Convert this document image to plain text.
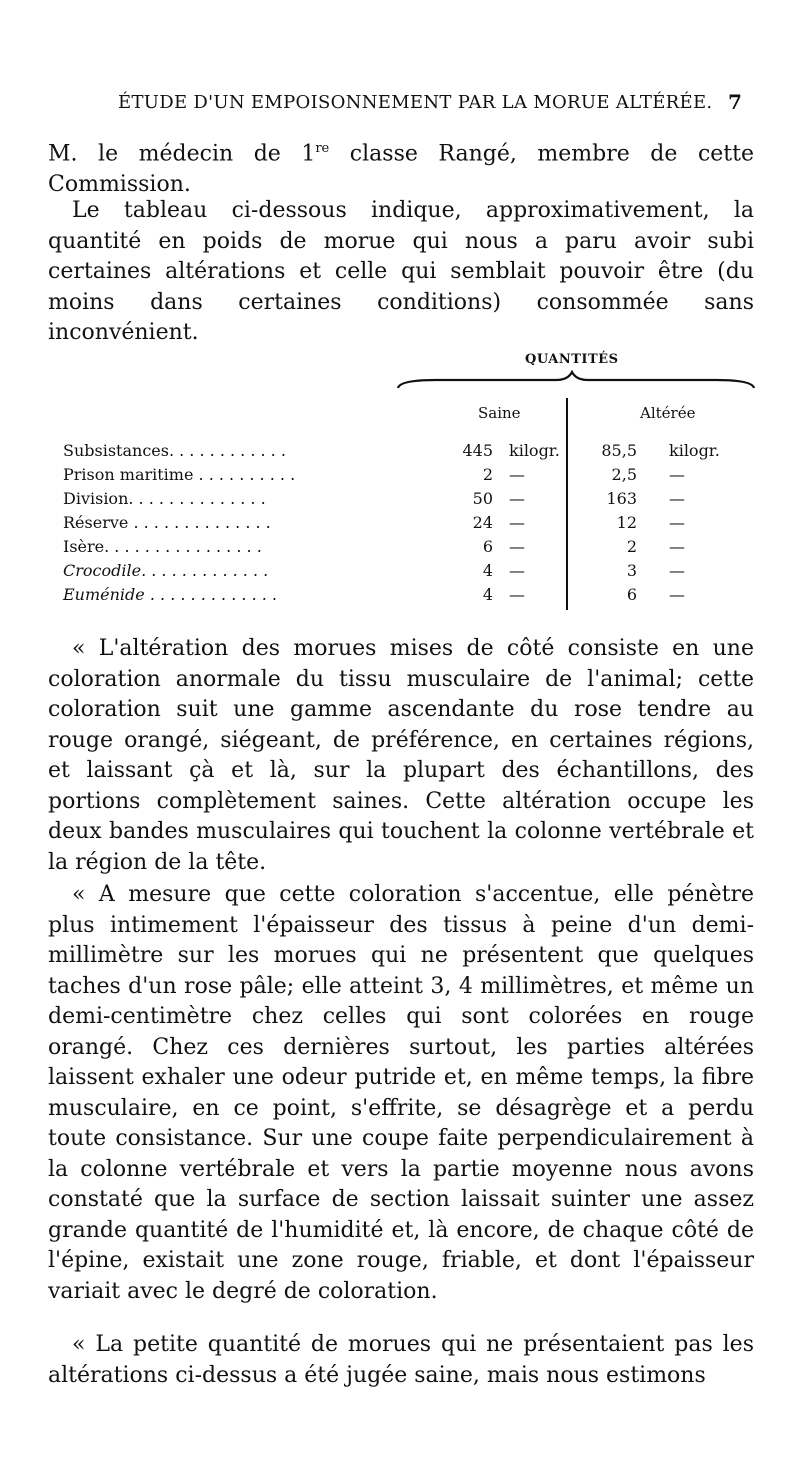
ÉTUDE D'UN EMPOISONNEMENT PAR LA MORUE ALTÉRÉE. 7

M. le médecin de 1re classe Rangé, membre de cette Commission.

Le tableau ci-dessous indique, approximativement, la quantité en poids de morue qui nous a paru avoir subi certaines altérations et celle qui semblait pouvoir être (du moins dans certaines conditions) consommée sans inconvénient.

QUANTITÉS
Saine	Altérée
Subsistances. . . . . . . . . . . .	445 kilogr.	85,5 kilogr.
Prison maritime . . . . . . . . . .	2 —	2,5 —
Division. . . . . . . . . . . . . .	50 —	163 —
Réserve . . . . . . . . . . . . . .	24 —	12 —
Isère. . . . . . . . . . . . . . . .	6 —	2 —
Crocodile. . . . . . . . . . . . .	4 —	3 —
Euménide . . . . . . . . . . . . .	4 —	6 —

« L'altération des morues mises de côté consiste en une coloration anormale du tissu musculaire de l'animal; cette coloration suit une gamme ascendante du rose tendre au rouge orangé, siégeant, de préférence, en certaines régions, et laissant çà et là, sur la plupart des échantillons, des portions complètement saines. Cette altération occupe les deux bandes musculaires qui touchent la colonne vertébrale et la région de la tête.

« A mesure que cette coloration s'accentue, elle pénètre plus intimement l'épaisseur des tissus à peine d'un demi-millimètre sur les morues qui ne présentent que quelques taches d'un rose pâle; elle atteint 3, 4 millimètres, et même un demi-centimètre chez celles qui sont colorées en rouge orangé. Chez ces dernières surtout, les parties altérées laissent exhaler une odeur putride et, en même temps, la fibre musculaire, en ce point, s'effrite, se désagrège et a perdu toute consistance. Sur une coupe faite perpendiculairement à la colonne vertébrale et vers la partie moyenne nous avons constaté que la surface de section laissait suinter une assez grande quantité de l'humidité et, là encore, de chaque côté de l'épine, existait une zone rouge, friable, et dont l'épaisseur variait avec le degré de coloration.

« La petite quantité de morues qui ne présentaient pas les altérations ci-dessus a été jugée saine, mais nous estimons
